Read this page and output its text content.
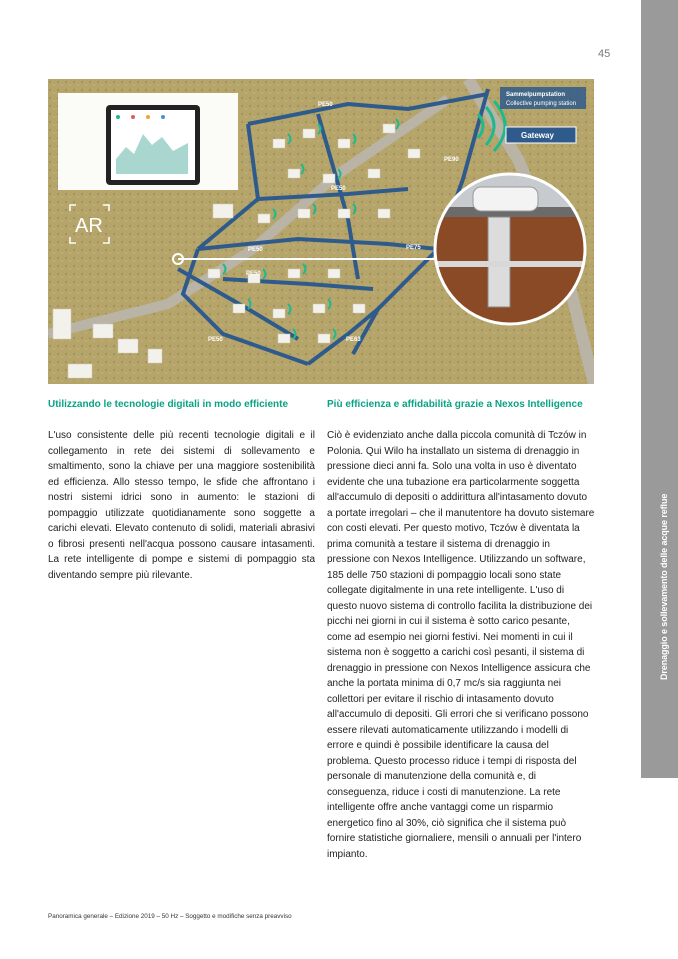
45
Drenaggio e sollevamento delle acque reflue
Sammelpumpstation
Collective pumping station
Gateway
PE50
PE90
PE50
PE50	PE75
PE50
PE50	PE63
AR
Utilizzando le tecnologie digitali in modo efficiente	Più efficienza e affidabilità grazie a Nexos Intelligence

L'uso consistente delle più recenti tecnologie digitali e il collegamento in rete dei sistemi di sollevamento e smaltimento, sono la chiave per una maggiore sostenibilità ed efficienza. Allo stesso tempo, le sfide che affrontano i nostri sistemi idrici sono in aumento: le stazioni di pompaggio utilizzate quotidianamente sono soggette a carichi elevati. Elevato contenuto di solidi, materiali abrasivi o fibrosi presenti nell'acqua possono causare intasamenti. La rete intelligente di pompe e sistemi di pompaggio sta diventando sempre più rilevante.

Ciò è evidenziato anche dalla piccola comunità di Tczów in Polonia. Qui Wilo ha installato un sistema di drenaggio in pressione dieci anni fa. Solo una volta in uso è diventato evidente che una tubazione era particolarmente soggetta all'accumulo di depositi o addirittura all'intasamento dovuto a portate irregolari – che il manutentore ha dovuto sistemare con costi elevati. Per questo motivo, Tczów è diventata la prima comunità a testare il sistema di drenaggio in pressione con Nexos Intelligence. Utilizzando un software, 185 delle 750 stazioni di pompaggio locali sono state collegate digitalmente in una rete intelligente. L'uso di questo nuovo sistema di controllo facilita la distribuzione dei picchi nei giorni in cui il sistema è sotto carico pesante, come ad esempio nei giorni festivi. Nei momenti in cui il sistema non è soggetto a carichi così pesanti, il sistema di drenaggio in pressione con Nexos Intelligence assicura che anche la portata minima di 0,7 mc/s sia raggiunta nei collettori per evitare il rischio di intasamento dovuto all'accumulo di depositi. Gli errori che si verificano possono essere rilevati automaticamente utilizzando i modelli di errore e quindi è possibile identificare la causa del problema. Questo processo riduce i tempi di risposta del personale di manutenzione della comunità e, di conseguenza, riduce i costi di manutenzione. La rete intelligente offre anche vantaggi come un risparmio energetico fino al 30%, ciò significa che il sistema può fornire statistiche giornaliere, mensili o annuali per l'intero impianto.

Panoramica generale – Edizione 2019 – 50 Hz – Soggetto e modifiche senza preavviso
